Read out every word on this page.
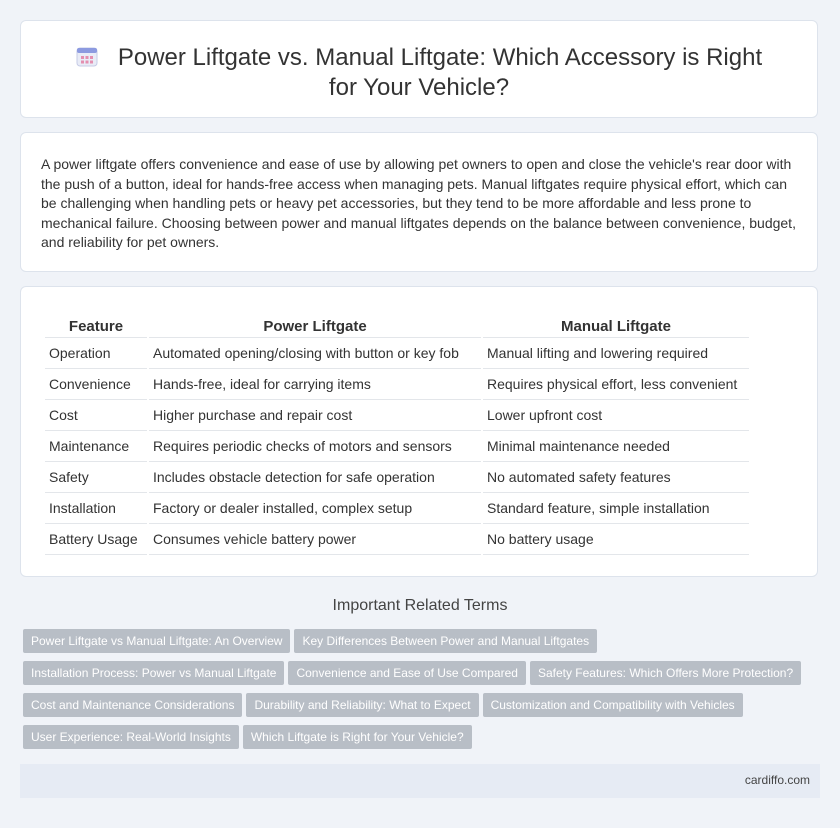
Power Liftgate vs. Manual Liftgate: Which Accessory is Right for Your Vehicle?

A power liftgate offers convenience and ease of use by allowing pet owners to open and close the vehicle's rear door with the push of a button, ideal for hands-free access when managing pets. Manual liftgates require physical effort, which can be challenging when handling pets or heavy pet accessories, but they tend to be more affordable and less prone to mechanical failure. Choosing between power and manual liftgates depends on the balance between convenience, budget, and reliability for pet owners.

Feature	Power Liftgate	Manual Liftgate
Operation	Automated opening/closing with button or key fob	Manual lifting and lowering required
Convenience	Hands-free, ideal for carrying items	Requires physical effort, less convenient
Cost	Higher purchase and repair cost	Lower upfront cost
Maintenance	Requires periodic checks of motors and sensors	Minimal maintenance needed
Safety	Includes obstacle detection for safe operation	No automated safety features
Installation	Factory or dealer installed, complex setup	Standard feature, simple installation
Battery Usage	Consumes vehicle battery power	No battery usage
Important Related Terms
Power Liftgate vs Manual Liftgate: An Overview Key Differences Between Power and Manual Liftgates
Installation Process: Power vs Manual Liftgate Convenience and Ease of Use Compared Safety Features: Which Offers More Protection?
Cost and Maintenance Considerations Durability and Reliability: What to Expect Customization and Compatibility with Vehicles
User Experience: Real-World Insights Which Liftgate is Right for Your Vehicle?
cardiffo.com
